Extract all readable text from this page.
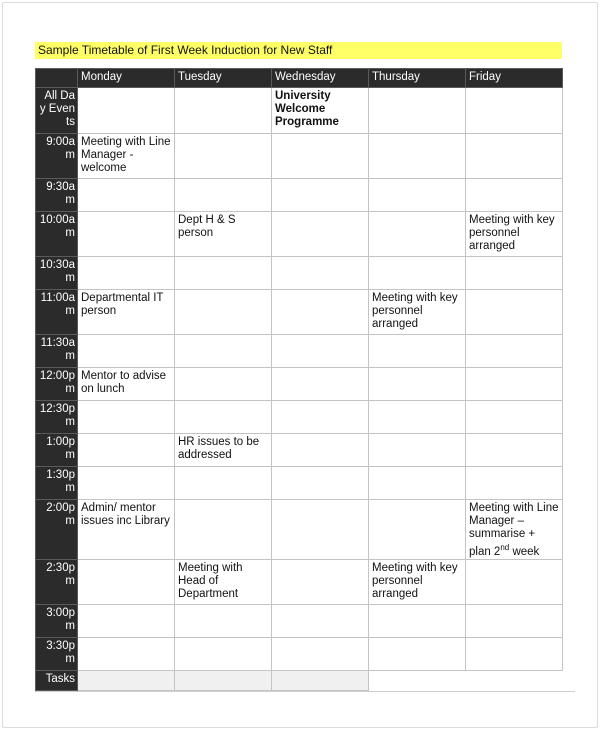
Sample Timetable of First Week Induction for New Staff
	Monday	Tuesday	Wednesday	Thursday	Friday
All Day Events			University Welcome Programme		
9:00am	Meeting with Line Manager - welcome				
9:30am					
10:00am		Dept H & S person			Meeting with key personnel arranged
10:30am					
11:00am	Departmental IT person			Meeting with key personnel arranged	
11:30am					
12:00pm	Mentor to advise on lunch				
12:30pm					
1:00pm		HR issues to be addressed			
1:30pm					
2:00pm	Admin/ mentor issues inc Library				Meeting with Line Manager – summarise + plan 2nd week
2:30pm		Meeting with Head of Department		Meeting with key personnel arranged	
3:00pm					
3:30pm					
Tasks					
